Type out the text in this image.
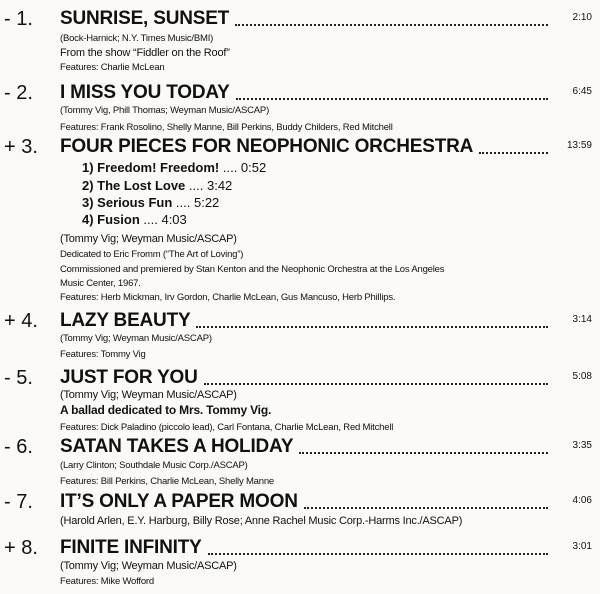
- 1.	SUNRISE, SUNSET	2:10
(Bock-Harnick; N.Y. Times Music/BMI)
From the show “Fiddler on the Roof”
Features: Charlie McLean
- 2.	I MISS YOU TODAY	6:45
(Tommy Vig, Phill Thomas; Weyman Music/ASCAP)
Features: Frank Rosolino, Shelly Manne, Bill Perkins, Buddy Childers, Red Mitchell
+ 3.	FOUR PIECES FOR NEOPHONIC ORCHESTRA	13:59
1) Freedom! Freedom! .... 0:52
2) The Lost Love .... 3:42
3) Serious Fun .... 5:22
4) Fusion .... 4:03
(Tommy Vig; Weyman Music/ASCAP)
Dedicated to Eric Fromm (“The Art of Loving”)
Commissioned and premiered by Stan Kenton and the Neophonic Orchestra at the Los Angeles
Music Center, 1967.
Features: Herb Mickman, Irv Gordon, Charlie McLean, Gus Mancuso, Herb Phillips.
+ 4.	LAZY BEAUTY	3:14
(Tommy Vig; Weyman Music/ASCAP)
Features: Tommy Vig
- 5.	JUST FOR YOU	5:08
(Tommy Vig; Weyman Music/ASCAP)
A ballad dedicated to Mrs. Tommy Vig.
Features: Dick Paladino (piccolo lead), Carl Fontana, Charlie McLean, Red Mitchell
- 6.	SATAN TAKES A HOLIDAY	3:35
(Larry Clinton; Southdale Music Corp./ASCAP)
Features: Bill Perkins, Charlie McLean, Shelly Manne
- 7.	IT’S ONLY A PAPER MOON	4:06
(Harold Arlen, E.Y. Harburg, Billy Rose; Anne Rachel Music Corp.-Harms Inc./ASCAP)
+ 8.	FINITE INFINITY	3:01
(Tommy Vig; Weyman Music/ASCAP)
Features: Mike Wofford
